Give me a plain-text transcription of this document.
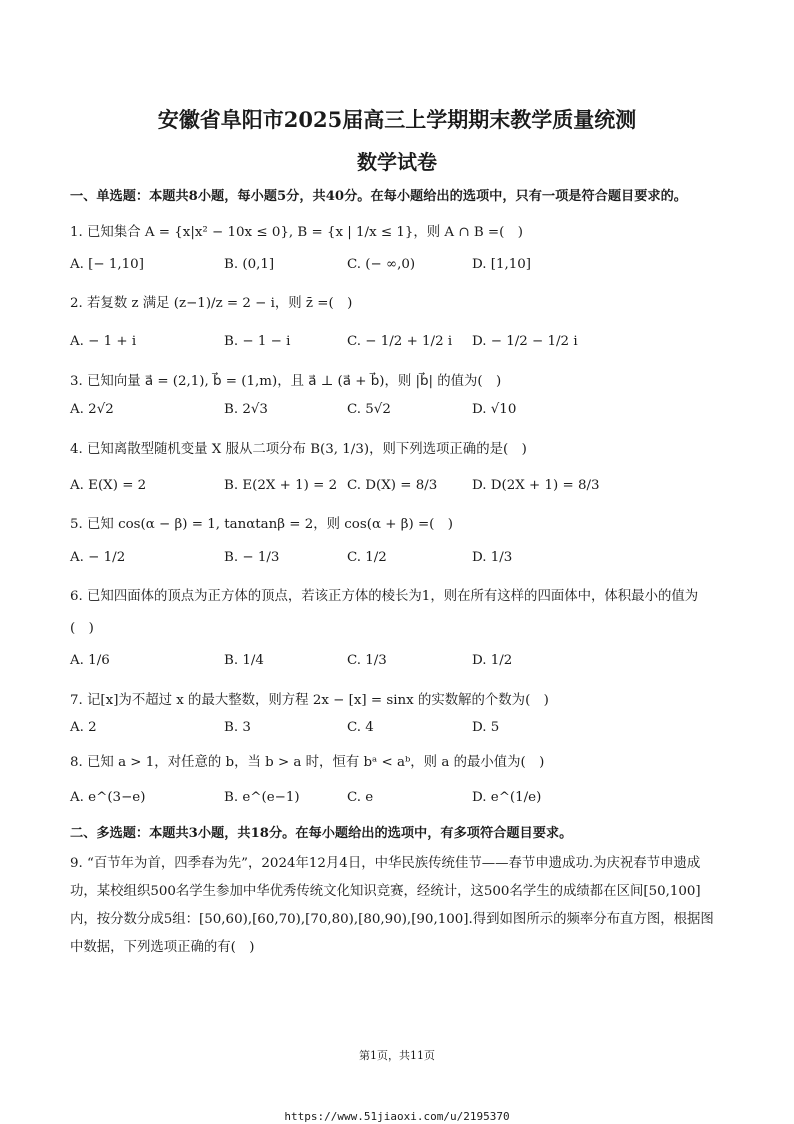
安徽省阜阳市2025届高三上学期期末教学质量统测
数学试卷
一、单选题：本题共8小题，每小题5分，共40分。在每小题给出的选项中，只有一项是符合题目要求的。
1. 已知集合 A = {x|x² − 10x ≤ 0}, B = {x | 1/x ≤ 1}，则 A ∩ B =(　)
A. [− 1,10]	B. (0,1]	C. (− ∞,0)	D. [1,10]
2. 若复数 z 满足 (z−1)/z = 2 − i，则 z̄ =(　)
A. − 1 + i	B. − 1 − i	C. − 1/2 + 1/2 i D. − 1/2 − 1/2 i
3. 已知向量 a⃗ = (2,1), b⃗ = (1,m)，且 a⃗ ⊥ (a⃗ + b⃗)，则 |b⃗| 的值为(　)
A. 2√2	B. 2√3	C. 5√2	D. √10
4. 已知离散型随机变量 X 服从二项分布 B(3, 1/3)，则下列选项正确的是(　)
A. E(X) = 2	B. E(2X + 1) = 2 C. D(X) = 8/3	D. D(2X + 1) = 8/3
5. 已知 cos(α − β) = 1, tanαtanβ = 2，则 cos(α + β) =(　)
A. − 1/2	B. − 1/3	C. 1/2	D. 1/3
6. 已知四面体的顶点为正方体的顶点，若该正方体的棱长为1，则在所有这样的四面体中，体积最小的值为
(　)
A. 1/6	B. 1/4	C. 1/3	D. 1/2
7. 记[x]为不超过 x 的最大整数，则方程 2x − [x] = sinx 的实数解的个数为(　)
A. 2	B. 3	C. 4	D. 5
8. 已知 a > 1，对任意的 b，当 b > a 时，恒有 bᵃ < aᵇ，则 a 的最小值为(　)
A. e^(3−e)	B. e^(e−1)	C. e	D. e^(1/e)
二、多选题：本题共3小题，共18分。在每小题给出的选项中，有多项符合题目要求。
9. “百节年为首，四季春为先”，2024年12月4日，中华民族传统佳节——春节申遗成功.为庆祝春节申遗成功，某校组织500名学生参加中华优秀传统文化知识竞赛，经统计，这500名学生的成绩都在区间[50,100]内，按分数分成5组：[50,60),[60,70),[70,80),[80,90),[90,100].得到如图所示的频率分布直方图，根据图中数据，下列选项正确的有(　)
第1页，共11页
https://www.51jiaoxi.com/u/2195370
